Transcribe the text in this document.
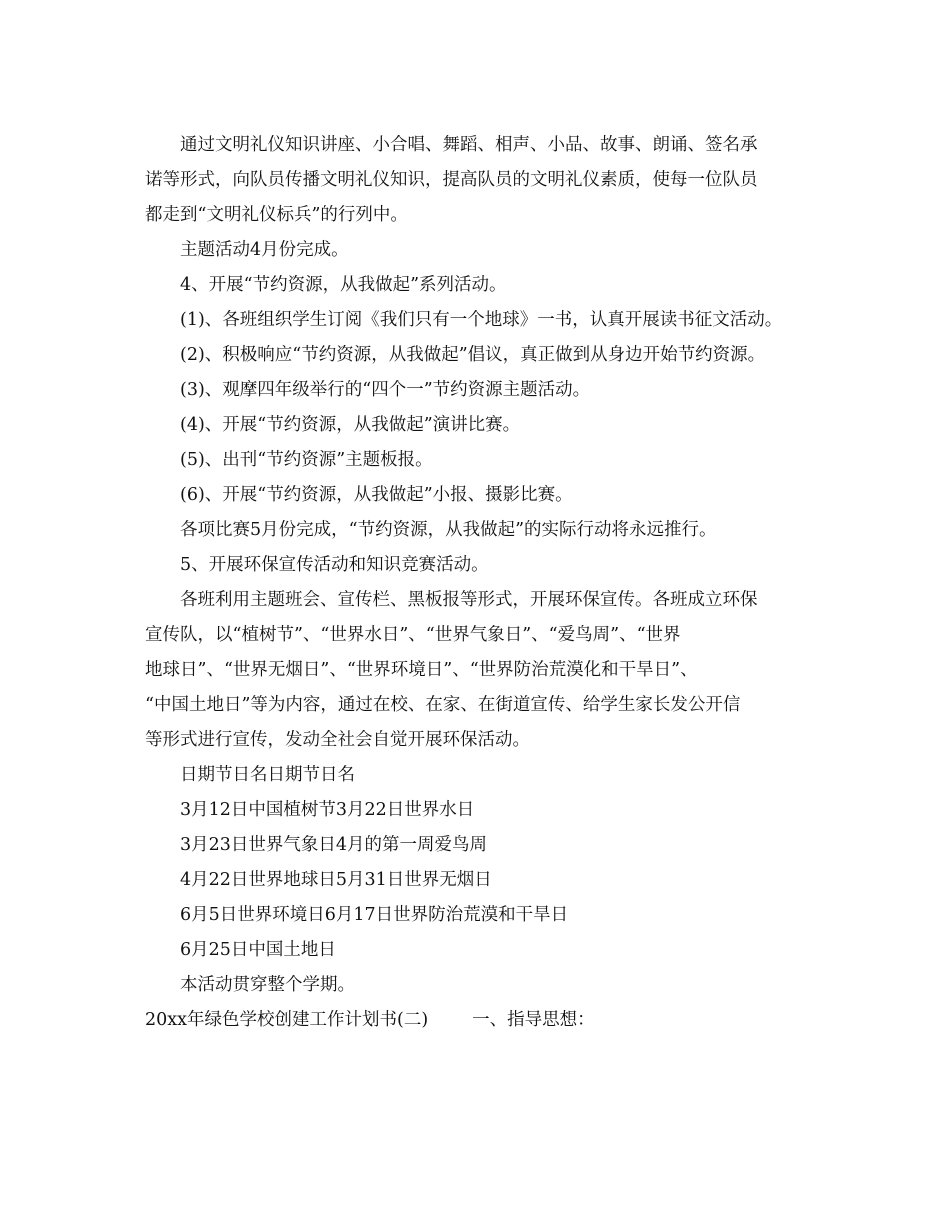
通过文明礼仪知识讲座、小合唱、舞蹈、相声、小品、故事、朗诵、签名承
诺等形式，向队员传播文明礼仪知识，提高队员的文明礼仪素质，使每一位队员
都走到“文明礼仪标兵”的行列中。
主题活动4月份完成。
4、开展“节约资源，从我做起”系列活动。
(1)、各班组织学生订阅《我们只有一个地球》一书，认真开展读书征文活动。
(2)、积极响应“节约资源，从我做起”倡议，真正做到从身边开始节约资源。
(3)、观摩四年级举行的“四个一”节约资源主题活动。
(4)、开展“节约资源，从我做起”演讲比赛。
(5)、出刊“节约资源”主题板报。
(6)、开展“节约资源，从我做起”小报、摄影比赛。
各项比赛5月份完成，“节约资源，从我做起”的实际行动将永远推行。
5、开展环保宣传活动和知识竞赛活动。
各班利用主题班会、宣传栏、黑板报等形式，开展环保宣传。各班成立环保
宣传队，以“植树节”、“世界水日”、“世界气象日”、“爱鸟周”、“世界
地球日”、“世界无烟日”、“世界环境日”、“世界防治荒漠化和干旱日”、
“中国土地日”等为内容，通过在校、在家、在街道宣传、给学生家长发公开信
等形式进行宣传，发动全社会自觉开展环保活动。
日期节日名日期节日名
3月12日中国植树节3月22日世界水日
3月23日世界气象日4月的第一周爱鸟周
4月22日世界地球日5月31日世界无烟日
6月5日世界环境日6月17日世界防治荒漠和干旱日
6月25日中国土地日
本活动贯穿整个学期。
20xx年绿色学校创建工作计划书(二)	一、指导思想：
